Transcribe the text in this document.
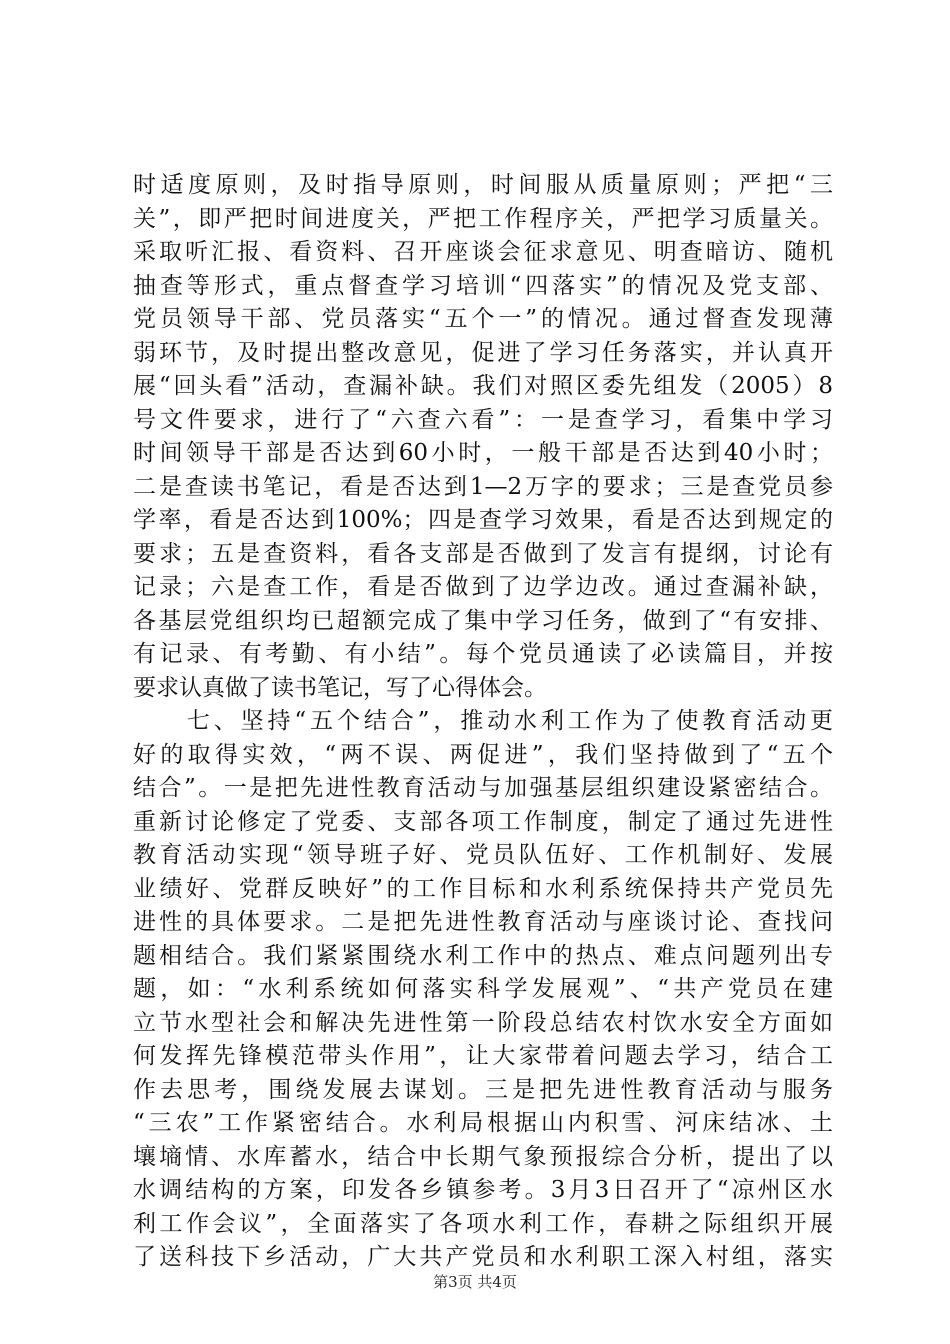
时适度原则，及时指导原则，时间服从质量原则；严把“三
关”，即严把时间进度关，严把工作程序关，严把学习质量关。
采取听汇报、看资料、召开座谈会征求意见、明查暗访、随机
抽查等形式，重点督查学习培训“四落实”的情况及党支部、
党员领导干部、党员落实“五个一”的情况。通过督查发现薄
弱环节，及时提出整改意见，促进了学习任务落实，并认真开
展“回头看”活动，查漏补缺。我们对照区委先组发（2005）8
号文件要求，进行了“六查六看”：一是查学习，看集中学习
时间领导干部是否达到60小时，一般干部是否达到40小时；
二是查读书笔记，看是否达到1—2万字的要求；三是查党员参
学率，看是否达到100%；四是查学习效果，看是否达到规定的
要求；五是查资料，看各支部是否做到了发言有提纲，讨论有
记录；六是查工作，看是否做到了边学边改。通过查漏补缺，
各基层党组织均已超额完成了集中学习任务，做到了“有安排、
有记录、有考勤、有小结”。每个党员通读了必读篇目，并按
要求认真做了读书笔记，写了心得体会。
　　七、坚持“五个结合”，推动水利工作为了使教育活动更
好的取得实效，“两不误、两促进”，我们坚持做到了“五个
结合”。一是把先进性教育活动与加强基层组织建设紧密结合。
重新讨论修定了党委、支部各项工作制度，制定了通过先进性
教育活动实现“领导班子好、党员队伍好、工作机制好、发展
业绩好、党群反映好”的工作目标和水利系统保持共产党员先
进性的具体要求。二是把先进性教育活动与座谈讨论、查找问
题相结合。我们紧紧围绕水利工作中的热点、难点问题列出专
题，如：“水利系统如何落实科学发展观”、“共产党员在建
立节水型社会和解决先进性第一阶段总结农村饮水安全方面如
何发挥先锋模范带头作用”，让大家带着问题去学习，结合工
作去思考，围绕发展去谋划。三是把先进性教育活动与服务
“三农”工作紧密结合。水利局根据山内积雪、河床结冰、土
壤墒情、水库蓄水，结合中长期气象预报综合分析，提出了以
水调结构的方案，印发各乡镇参考。3月3日召开了“凉州区水
利工作会议”，全面落实了各项水利工作，春耕之际组织开展
了送科技下乡活动，广大共产党员和水利职工深入村组，落实
第3页 共4页
